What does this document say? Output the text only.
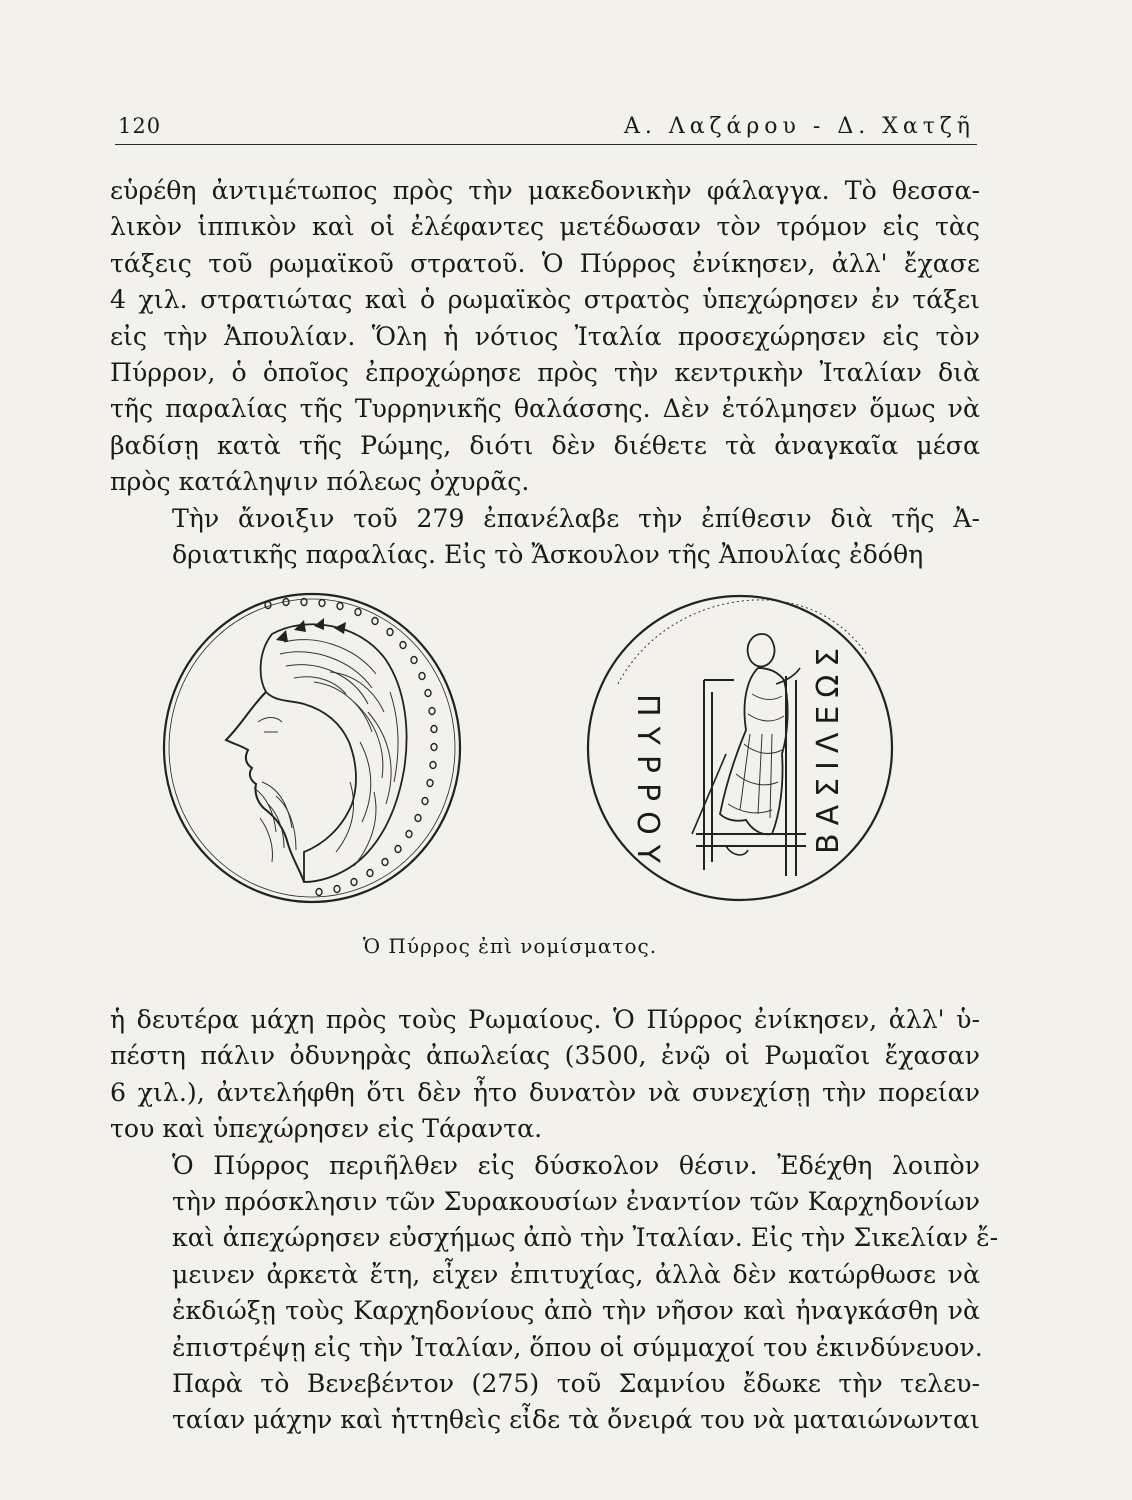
120	Α. Λαζάρου - Δ. Χατζῆ

εὑρέθη ἀντιμέτωπος πρὸς τὴν μακεδονικὴν φάλαγγα. Τὸ θεσσα-
λικὸν ἱππικὸν καὶ οἱ ἐλέφαντες μετέδωσαν τὸν τρόμον εἰς τὰς
τάξεις τοῦ ρωμαϊκοῦ στρατοῦ. Ὁ Πύρρος ἐνίκησεν, ἀλλ' ἔχασε
4 χιλ. στρατιώτας καὶ ὁ ρωμαϊκὸς στρατὸς ὑπεχώρησεν ἐν τάξει
εἰς τὴν Ἀπουλίαν. Ὅλη ἡ νότιος Ἰταλία προσεχώρησεν εἰς τὸν
Πύρρον, ὁ ὁποῖος ἐπροχώρησε πρὸς τὴν κεντρικὴν Ἰταλίαν διὰ
τῆς παραλίας τῆς Τυρρηνικῆς θαλάσσης. Δὲν ἐτόλμησεν ὅμως νὰ
βαδίσῃ κατὰ τῆς Ρώμης, διότι δὲν διέθετε τὰ ἀναγκαῖα μέσα
πρὸς κατάληψιν πόλεως ὀχυρᾶς.

Τὴν ἄνοιξιν τοῦ 279 ἐπανέλαβε τὴν ἐπίθεσιν διὰ τῆς Ἀ-
δριατικῆς παραλίας. Εἰς τὸ Ἄσκουλον τῆς Ἀπουλίας ἐδόθη

ΠΥΡΡΟΥ	ΒΑΣΙΛΕΩΣ
Ὁ Πύρρος ἐπὶ νομίσματος.

ἡ δευτέρα μάχη πρὸς τοὺς Ρωμαίους. Ὁ Πύρρος ἐνίκησεν, ἀλλ' ὑ-
πέστη πάλιν ὀδυνηρὰς ἀπωλείας (3500, ἐνῷ οἱ Ρωμαῖοι ἔχασαν
6 χιλ.), ἀντελήφθη ὅτι δὲν ἦτο δυνατὸν νὰ συνεχίσῃ τὴν πορείαν
του καὶ ὑπεχώρησεν εἰς Τάραντα.

Ὁ Πύρρος περιῆλθεν εἰς δύσκολον θέσιν. Ἐδέχθη λοιπὸν
τὴν πρόσκλησιν τῶν Συρακουσίων ἐναντίον τῶν Καρχηδονίων
καὶ ἀπεχώρησεν εὐσχήμως ἀπὸ τὴν Ἰταλίαν. Εἰς τὴν Σικελίαν ἔ-
μεινεν ἀρκετὰ ἔτη, εἶχεν ἐπιτυχίας, ἀλλὰ δὲν κατώρθωσε νὰ
ἐκδιώξῃ τοὺς Καρχηδονίους ἀπὸ τὴν νῆσον καὶ ἠναγκάσθη νὰ
ἐπιστρέψῃ εἰς τὴν Ἰταλίαν, ὅπου οἱ σύμμαχοί του ἐκινδύνευον.
Παρὰ τὸ Βενεβέντον (275) τοῦ Σαμνίου ἔδωκε τὴν τελευ-
ταίαν μάχην καὶ ἡττηθεὶς εἶδε τὰ ὄνειρά του νὰ ματαιώνωνται
